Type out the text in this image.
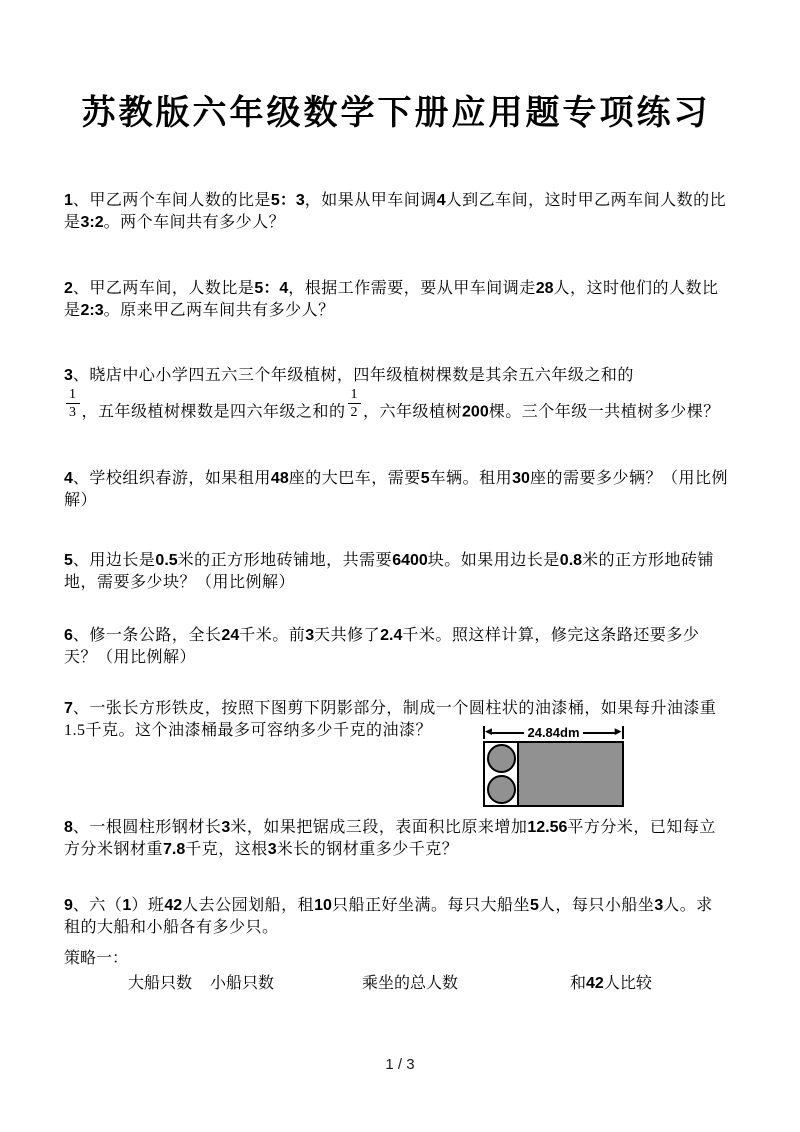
苏教版六年级数学下册应用题专项练习
1、甲乙两个车间人数的比是5：3，如果从甲车间调4人到乙车间，这时甲乙两车间人数的比是3:2。两个车间共有多少人？
2、甲乙两车间，人数比是5：4，根据工作需要，要从甲车间调走28人，这时他们的人数比是2:3。原来甲乙两车间共有多少人？
3、晓店中心小学四五六三个年级植树，四年级植树棵数是其余五六年级之和的

$\frac{1}{3}$ ，五年级植树棵数是四六年级之和的 $\frac{1}{2}$ ，六年级植树200棵。三个年级一共植树多少棵？
4、学校组织春游，如果租用48座的大巴车，需要5车辆。租用30座的需要多少辆？（用比例解）
5、用边长是0.5米的正方形地砖铺地，共需要6400块。如果用边长是0.8米的正方形地砖铺地，需要多少块？（用比例解）
6、修一条公路，全长24千米。前3天共修了2.4千米。照这样计算，修完这条路还要多少天？（用比例解）
7、一张长方形铁皮，按照下图剪下阴影部分，制成一个圆柱状的油漆桶，如果每升油漆重1.5千克。这个油漆桶最多可容纳多少千克的油漆？	◀	24.84dm	▶
8、一根圆柱形钢材长3米，如果把锯成三段，表面积比原来增加12.56平方分米，已知每立方分米钢材重7.8千克，这根3米长的钢材重多少千克？
9、六（1）班42人去公园划船，租10只船正好坐满。每只大船坐5人，每只小船坐3人。求租的大船和小船各有多少只。
策略一：
大船只数 小船只数	乘坐的总人数	和42人比较
1 / 3
